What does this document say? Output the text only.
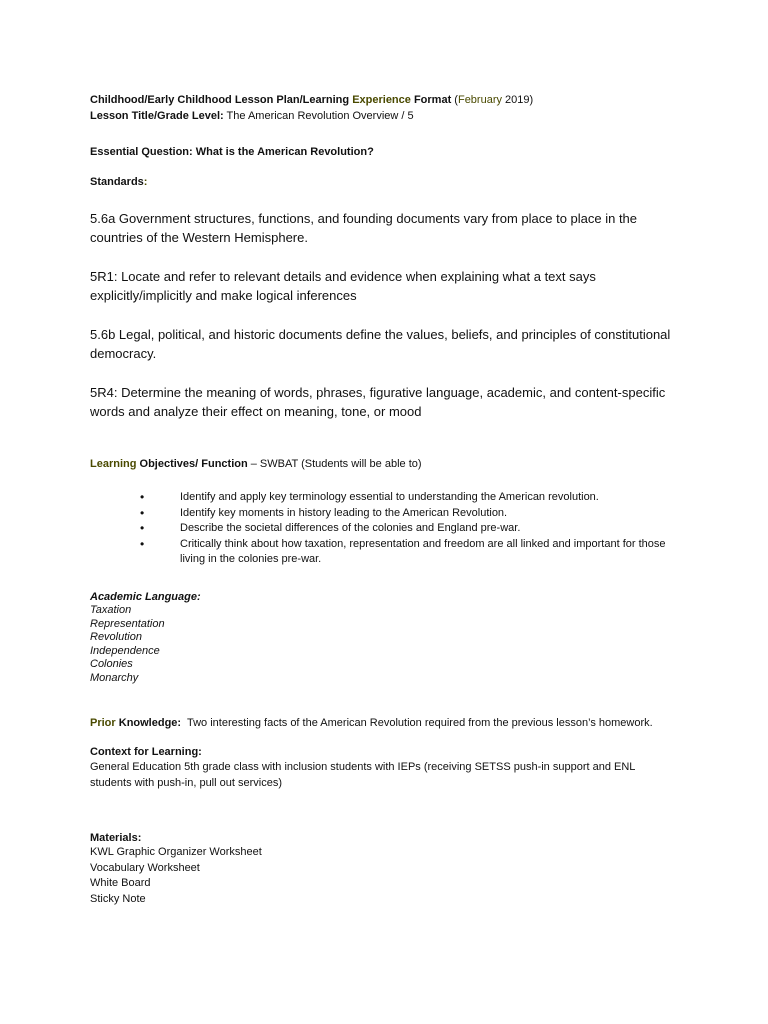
Childhood/Early Childhood Lesson Plan/Learning Experience Format (February 2019)
Lesson Title/Grade Level: The American Revolution Overview / 5
Essential Question: What is the American Revolution?
Standards:
5.6a Government structures, functions, and founding documents vary from place to place in the countries of the Western Hemisphere.
5R1: Locate and refer to relevant details and evidence when explaining what a text says explicitly/implicitly and make logical inferences
5.6b Legal, political, and historic documents define the values, beliefs, and principles of constitutional democracy.
5R4: Determine the meaning of words, phrases, figurative language, academic, and content-specific words and analyze their effect on meaning, tone, or mood
Learning Objectives/ Function – SWBAT (Students will be able to)
•	Identify and apply key terminology essential to understanding the American revolution.
•	Identify key moments in history leading to the American Revolution.
•	Describe the societal differences of the colonies and England pre-war.
•	Critically think about how taxation, representation and freedom are all linked and important for those living in the colonies pre-war.
Academic Language:
Taxation
Representation
Revolution
Independence
Colonies
Monarchy
Prior Knowledge:  Two interesting facts of the American Revolution required from the previous lesson’s homework.
Context for Learning:
General Education 5th grade class with inclusion students with IEPs (receiving SETSS push-in support and ENL students with push-in, pull out services)
Materials:
KWL Graphic Organizer Worksheet
Vocabulary Worksheet
White Board
Sticky Note
